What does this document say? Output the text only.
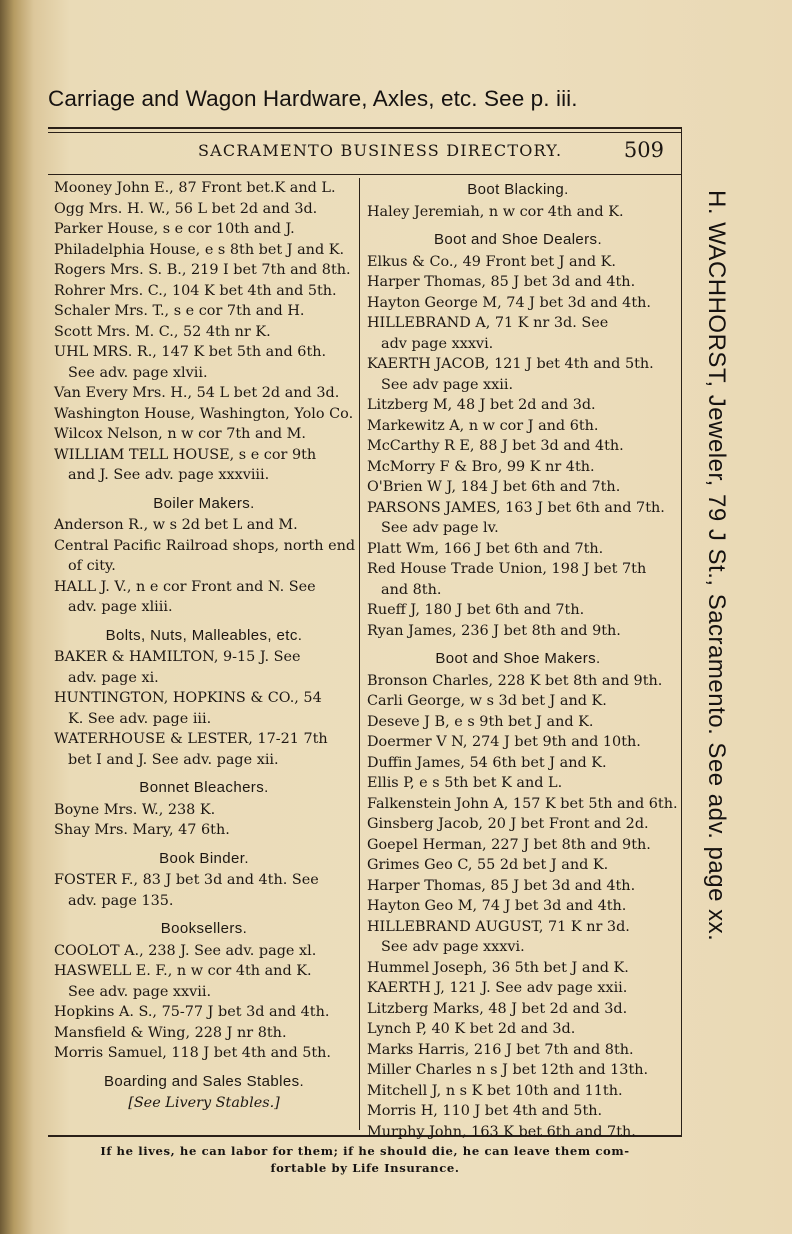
Carriage and Wagon Hardware, Axles, etc. See p. iii.
H. WACHHORST, Jeweler, 79 J St., Sacramento. See adv. page xx.
SACRAMENTO BUSINESS DIRECTORY.	509
Mooney John E., 87 Front bet.K and L.
Ogg Mrs. H. W., 56 L bet 2d and 3d.
Parker House, s e cor 10th and J.
Philadelphia House, e s 8th bet J and K.
Rogers Mrs. S. B., 219 I bet 7th and 8th.
Rohrer Mrs. C., 104 K bet 4th and 5th.
Schaler Mrs. T., s e cor 7th and H.
Scott Mrs. M. C., 52 4th nr K.
UHL MRS. R., 147 K bet 5th and 6th.
See adv. page xlvii.
Van Every Mrs. H., 54 L bet 2d and 3d.
Washington House, Washington, Yolo Co.
Wilcox Nelson, n w cor 7th and M.
WILLIAM TELL HOUSE, s e cor 9th
and J. See adv. page xxxviii.
Boiler Makers.
Anderson R., w s 2d bet L and M.
Central Pacific Railroad shops, north end
of city.
HALL J. V., n e cor Front and N. See
adv. page xliii.
Bolts, Nuts, Malleables, etc.
BAKER & HAMILTON, 9-15 J. See
adv. page xi.
HUNTINGTON, HOPKINS & CO., 54
K. See adv. page iii.
WATERHOUSE & LESTER, 17-21 7th
bet I and J. See adv. page xii.
Bonnet Bleachers.
Boyne Mrs. W., 238 K.
Shay Mrs. Mary, 47 6th.
Book Binder.
FOSTER F., 83 J bet 3d and 4th. See
adv. page 135.
Booksellers.
COOLOT A., 238 J. See adv. page xl.
HASWELL E. F., n w cor 4th and K.
See adv. page xxvii.
Hopkins A. S., 75-77 J bet 3d and 4th.
Mansfield & Wing, 228 J nr 8th.
Morris Samuel, 118 J bet 4th and 5th.
Boarding and Sales Stables.
[See Livery Stables.]
Boot Blacking.
Haley Jeremiah, n w cor 4th and K.
Boot and Shoe Dealers.
Elkus & Co., 49 Front bet J and K.
Harper Thomas, 85 J bet 3d and 4th.
Hayton George M, 74 J bet 3d and 4th.
HILLEBRAND A, 71 K nr 3d. See
adv page xxxvi.
KAERTH JACOB, 121 J bet 4th and 5th.
See adv page xxii.
Litzberg M, 48 J bet 2d and 3d.
Markewitz A, n w cor J and 6th.
McCarthy R E, 88 J bet 3d and 4th.
McMorry F & Bro, 99 K nr 4th.
O'Brien W J, 184 J bet 6th and 7th.
PARSONS JAMES, 163 J bet 6th and 7th.
See adv page lv.
Platt Wm, 166 J bet 6th and 7th.
Red House Trade Union, 198 J bet 7th
and 8th.
Rueff J, 180 J bet 6th and 7th.
Ryan James, 236 J bet 8th and 9th.
Boot and Shoe Makers.
Bronson Charles, 228 K bet 8th and 9th.
Carli George, w s 3d bet J and K.
Deseve J B, e s 9th bet J and K.
Doermer V N, 274 J bet 9th and 10th.
Duffin James, 54 6th bet J and K.
Ellis P, e s 5th bet K and L.
Falkenstein John A, 157 K bet 5th and 6th.
Ginsberg Jacob, 20 J bet Front and 2d.
Goepel Herman, 227 J bet 8th and 9th.
Grimes Geo C, 55 2d bet J and K.
Harper Thomas, 85 J bet 3d and 4th.
Hayton Geo M, 74 J bet 3d and 4th.
HILLEBRAND AUGUST, 71 K nr 3d.
See adv page xxxvi.
Hummel Joseph, 36 5th bet J and K.
KAERTH J, 121 J. See adv page xxii.
Litzberg Marks, 48 J bet 2d and 3d.
Lynch P, 40 K bet 2d and 3d.
Marks Harris, 216 J bet 7th and 8th.
Miller Charles n s J bet 12th and 13th.
Mitchell J, n s K bet 10th and 11th.
Morris H, 110 J bet 4th and 5th.
Murphy John, 163 K bet 6th and 7th.
If he lives, he can labor for them; if he should die, he can leave them com-
fortable by Life Insurance.
